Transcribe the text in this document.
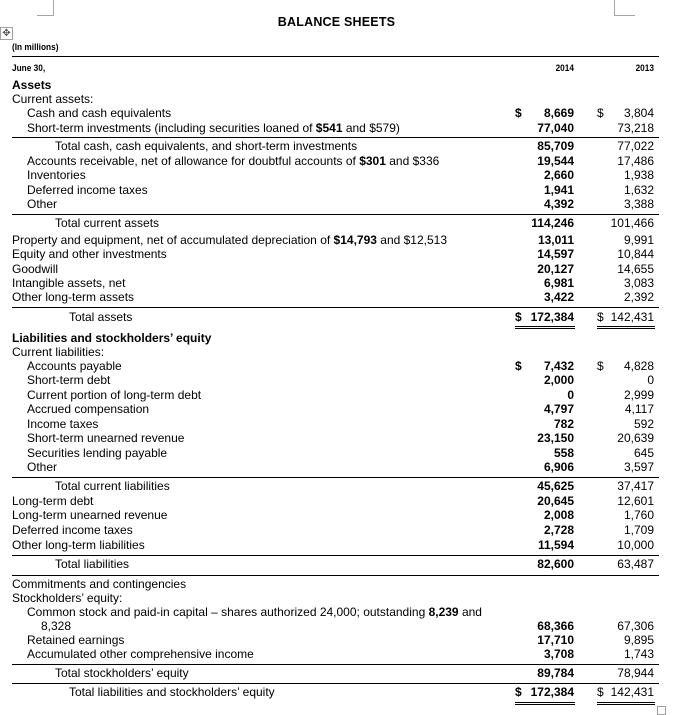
✥
BALANCE SHEETS
(In millions)
June 30,	2014	2013
Assets
Current assets:
Cash and cash equivalents	$	8,669 $	3,804
Short-term investments (including securities loaned of $541 and $579)	77,040	73,218
Total cash, cash equivalents, and short-term investments	85,709	77,022
Accounts receivable, net of allowance for doubtful accounts of $301 and $336	19,544	17,486
Inventories	2,660	1,938
Deferred income taxes	1,941	1,632
Other	4,392	3,388
Total current assets	114,246	101,466
Property and equipment, net of accumulated depreciation of $14,793 and $12,513	13,011	9,991
Equity and other investments	14,597	10,844
Goodwill	20,127	14,655
Intangible assets, net	6,981	3,083
Other long-term assets	3,422	2,392
Total assets	$ 172,384 $ 142,431
Liabilities and stockholders’ equity
Current liabilities:
Accounts payable	$	7,432 $	4,828
Short-term debt	2,000	0
Current portion of long-term debt	0	2,999
Accrued compensation	4,797	4,117
Income taxes	782	592
Short-term unearned revenue	23,150	20,639
Securities lending payable	558	645
Other	6,906	3,597
Total current liabilities	45,625	37,417
Long-term debt	20,645	12,601
Long-term unearned revenue	2,008	1,760
Deferred income taxes	2,728	1,709
Other long-term liabilities	11,594	10,000
Total liabilities	82,600	63,487
Commitments and contingencies
Stockholders’ equity:
Common stock and paid-in capital – shares authorized 24,000; outstanding 8,239 and
8,328	68,366	67,306
Retained earnings	17,710	9,895
Accumulated other comprehensive income	3,708	1,743
Total stockholders’ equity	89,784	78,944
Total liabilities and stockholders’ equity	$ 172,384 $ 142,431
